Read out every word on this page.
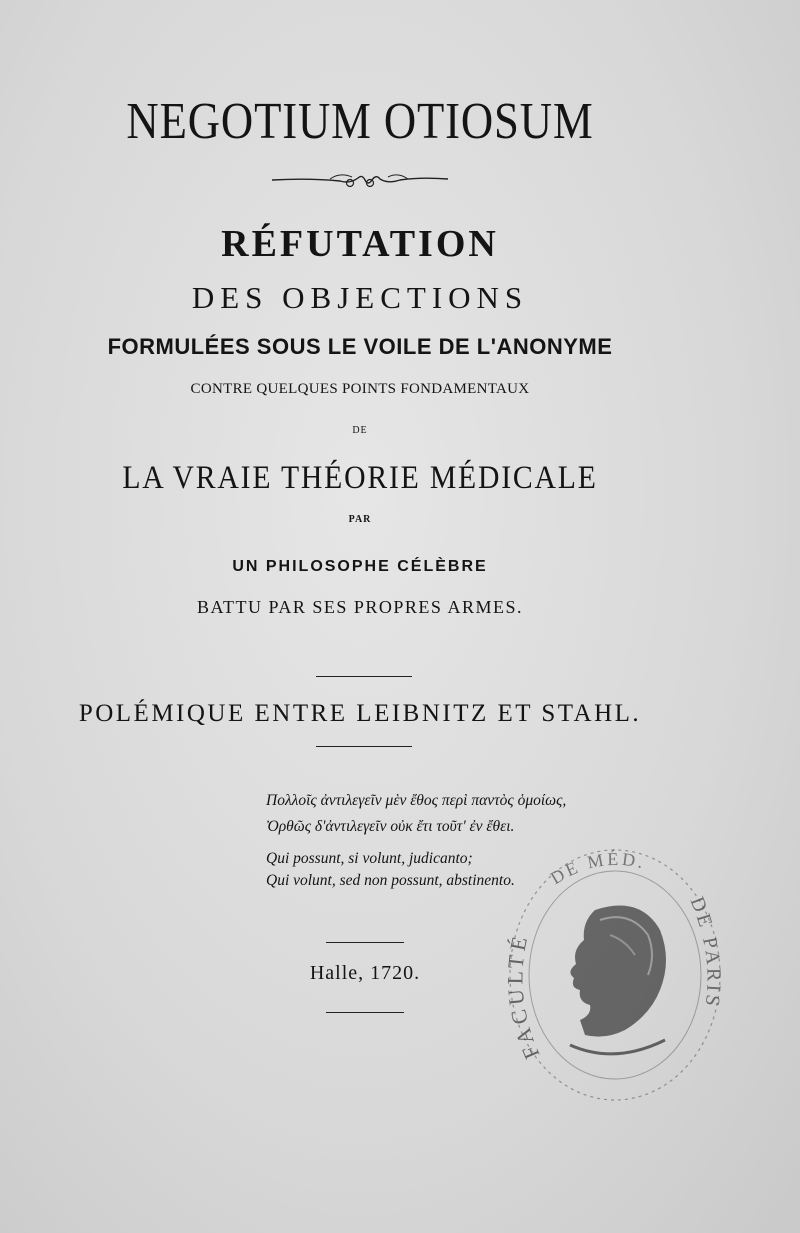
NEGOTIUM OTIOSUM
RÉFUTATION
DES OBJECTIONS
FORMULÉES SOUS LE VOILE DE L'ANONYME
CONTRE QUELQUES POINTS FONDAMENTAUX
DE
LA VRAIE THÉORIE MÉDICALE
PAR
UN PHILOSOPHE CÉLÈBRE
BATTU PAR SES PROPRES ARMES.
POLÉMIQUE ENTRE LEIBNITZ ET STAHL.
Πολλοῖς ἀντιλεγεῖν μὲν ἔθος περὶ παντὸς ὁμοίως,
Ὀρθῶς δ'ἀντιλεγεῖν οὐκ ἔτι τοῦτ' ἐν ἔθει.
Qui possunt, si volunt, judicanto;
Qui volunt, sed non possunt, abstinento.
Halle, 1720.
FACULTÉ
DE MÉD.
DE PARIS
